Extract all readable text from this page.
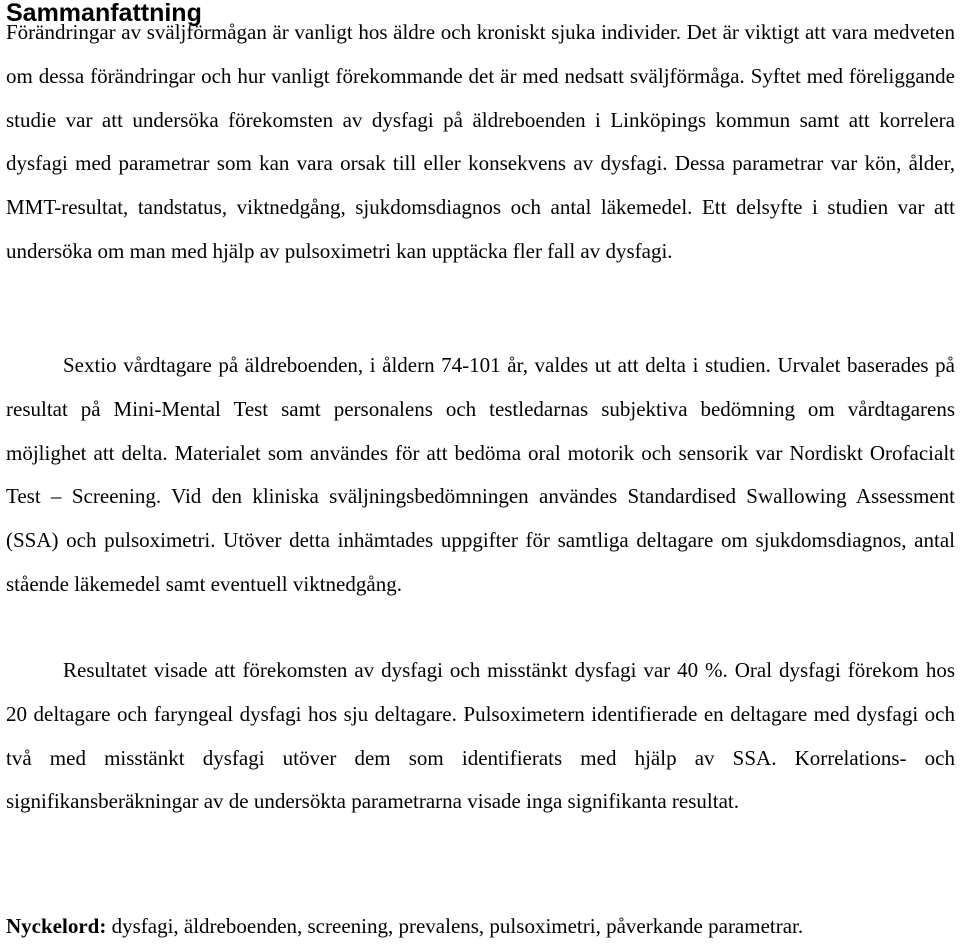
Sammanfattning

Förändringar av sväljförmågan är vanligt hos äldre och kroniskt sjuka individer. Det är viktigt att vara medveten om dessa förändringar och hur vanligt förekommande det är med nedsatt sväljförmåga. Syftet med föreliggande studie var att undersöka förekomsten av dysfagi på äldreboenden i Linköpings kommun samt att korrelera dysfagi med parametrar som kan vara orsak till eller konsekvens av dysfagi. Dessa parametrar var kön, ålder, MMT-resultat, tandstatus, viktnedgång, sjukdomsdiagnos och antal läkemedel. Ett delsyfte i studien var att undersöka om man med hjälp av pulsoximetri kan upptäcka fler fall av dysfagi.

Sextio vårdtagare på äldreboenden, i åldern 74-101 år, valdes ut att delta i studien. Urvalet baserades på resultat på Mini-Mental Test samt personalens och testledarnas subjektiva bedömning om vårdtagarens möjlighet att delta. Materialet som användes för att bedöma oral motorik och sensorik var Nordiskt Orofacialt Test – Screening. Vid den kliniska sväljningsbedömningen användes Standardised Swallowing Assessment (SSA) och pulsoximetri. Utöver detta inhämtades uppgifter för samtliga deltagare om sjukdomsdiagnos, antal stående läkemedel samt eventuell viktnedgång.

Resultatet visade att förekomsten av dysfagi och misstänkt dysfagi var 40 %. Oral dysfagi förekom hos 20 deltagare och faryngeal dysfagi hos sju deltagare. Pulsoximetern identifierade en deltagare med dysfagi och två med misstänkt dysfagi utöver dem som identifierats med hjälp av SSA. Korrelations- och signifikansberäkningar av de undersökta parametrarna visade inga signifikanta resultat.

Nyckelord: dysfagi, äldreboenden, screening, prevalens, pulsoximetri, påverkande parametrar.
